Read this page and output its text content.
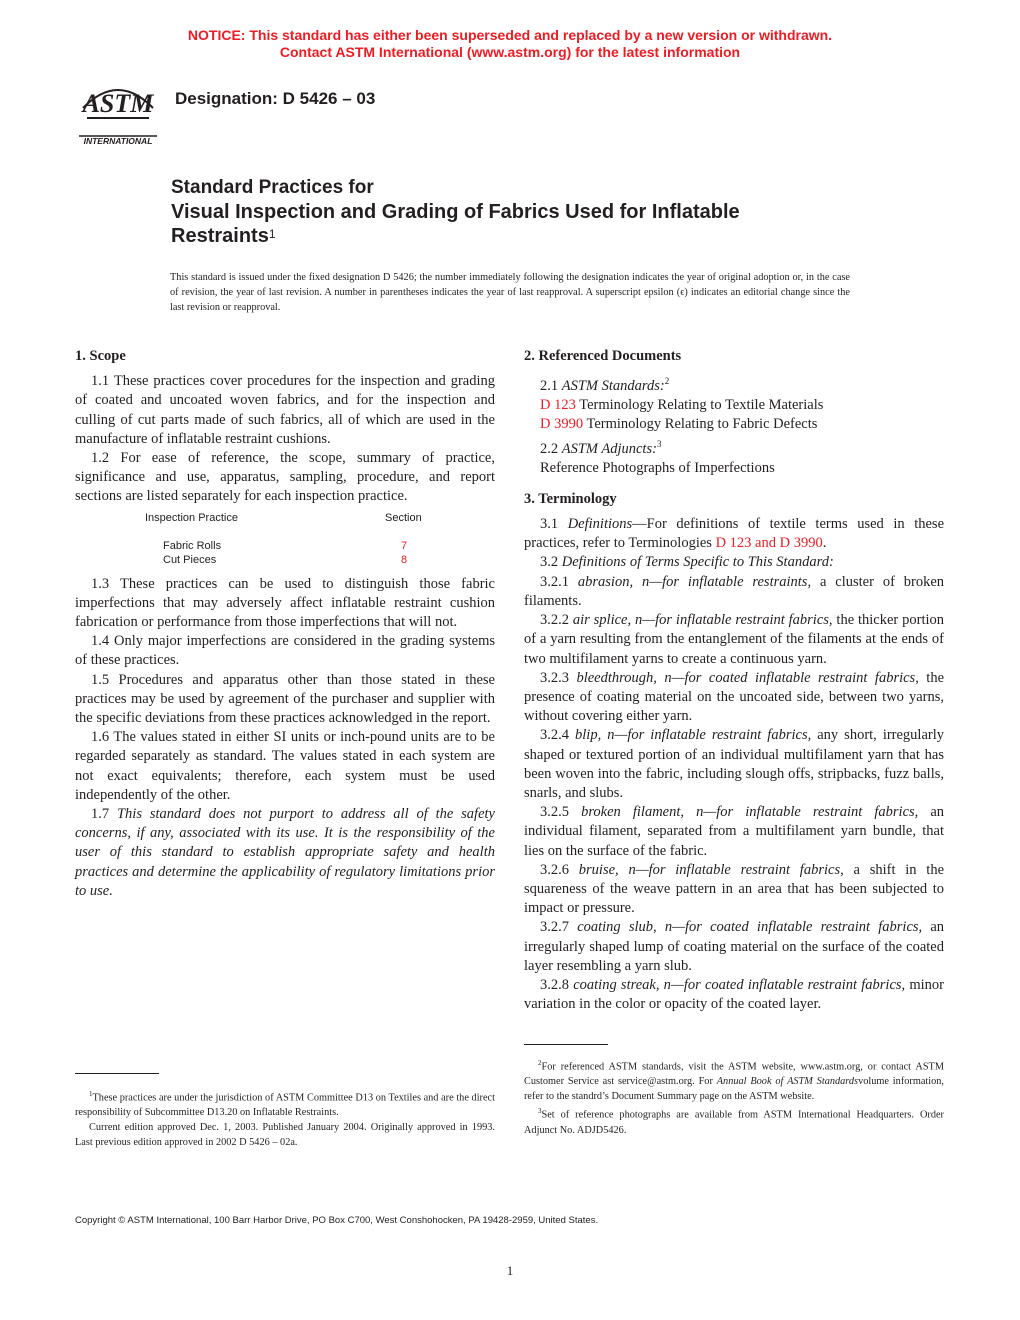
NOTICE: This standard has either been superseded and replaced by a new version or withdrawn.
Contact ASTM International (www.astm.org) for the latest information
ASTM
INTERNATIONAL
Designation: D 5426 – 03
Standard Practices for
Visual Inspection and Grading of Fabrics Used for Inflatable
Restraints$^1$
This standard is issued under the fixed designation D 5426; the number immediately following the designation indicates the year of original adoption or, in the case of revision, the year of last revision. A number in parentheses indicates the year of last reapproval. A superscript epsilon (ϵ) indicates an editorial change since the last revision or reapproval.
1. Scope

1.1 These practices cover procedures for the inspection and grading of coated and uncoated woven fabrics, and for the inspection and culling of cut parts made of such fabrics, all of which are used in the manufacture of inflatable restraint cushions.

1.2 For ease of reference, the scope, summary of practice, significance and use, apparatus, sampling, procedure, and report sections are listed separately for each inspection practice.

Inspection Practice	Section
Fabric Rolls	7
Cut Pieces	8

1.3 These practices can be used to distinguish those fabric imperfections that may adversely affect inflatable restraint cushion fabrication or performance from those imperfections that will not.

1.4 Only major imperfections are considered in the grading systems of these practices.

1.5 Procedures and apparatus other than those stated in these practices may be used by agreement of the purchaser and supplier with the specific deviations from these practices acknowledged in the report.

1.6 The values stated in either SI units or inch-pound units are to be regarded separately as standard. The values stated in each system are not exact equivalents; therefore, each system must be used independently of the other.

1.7 This standard does not purport to address all of the safety concerns, if any, associated with its use. It is the responsibility of the user of this standard to establish appropriate safety and health practices and determine the applicability of regulatory limitations prior to use.

2. Referenced Documents

2.1 ASTM Standards:$^2$

D 123 Terminology Relating to Textile Materials

D 3990 Terminology Relating to Fabric Defects

2.2 ASTM Adjuncts:$^3$

Reference Photographs of Imperfections

3. Terminology

3.1 Definitions—For definitions of textile terms used in these practices, refer to Terminologies D 123 and D 3990.

3.2 Definitions of Terms Specific to This Standard:

3.2.1 abrasion, n—for inflatable restraints, a cluster of broken filaments.

3.2.2 air splice, n—for inflatable restraint fabrics, the thicker portion of a yarn resulting from the entanglement of the filaments at the ends of two multifilament yarns to create a continuous yarn.

3.2.3 bleedthrough, n—for coated inflatable restraint fabrics, the presence of coating material on the uncoated side, between two yarns, without covering either yarn.

3.2.4 blip, n—for inflatable restraint fabrics, any short, irregularly shaped or textured portion of an individual multifilament yarn that has been woven into the fabric, including slough offs, stripbacks, fuzz balls, snarls, and slubs.

3.2.5 broken filament, n—for inflatable restraint fabrics, an individual filament, separated from a multifilament yarn bundle, that lies on the surface of the fabric.

3.2.6 bruise, n—for inflatable restraint fabrics, a shift in the squareness of the weave pattern in an area that has been subjected to impact or pressure.

3.2.7 coating slub, n—for coated inflatable restraint fabrics, an irregularly shaped lump of coating material on the surface of the coated layer resembling a yarn slub.

3.2.8 coating streak, n—for coated inflatable restraint fabrics, minor variation in the color or opacity of the coated layer.

$^1$These practices are under the jurisdiction of ASTM Committee D13 on Textiles and are the direct responsibility of Subcommittee D13.20 on Inflatable Restraints.

Current edition approved Dec. 1, 2003. Published January 2004. Originally approved in 1993. Last previous edition approved in 2002 D 5426 – 02a.

$^2$For referenced ASTM standards, visit the ASTM website, www.astm.org, or contact ASTM Customer Service ast service@astm.org. For Annual Book of ASTM Standardsvolume information, refer to the standrd’s Document Summary page on the ASTM website.

$^3$Set of reference photographs are available from ASTM International Headquarters. Order Adjunct No. ADJD5426.

Copyright © ASTM International, 100 Barr Harbor Drive, PO Box C700, West Conshohocken, PA 19428-2959, United States.
1
